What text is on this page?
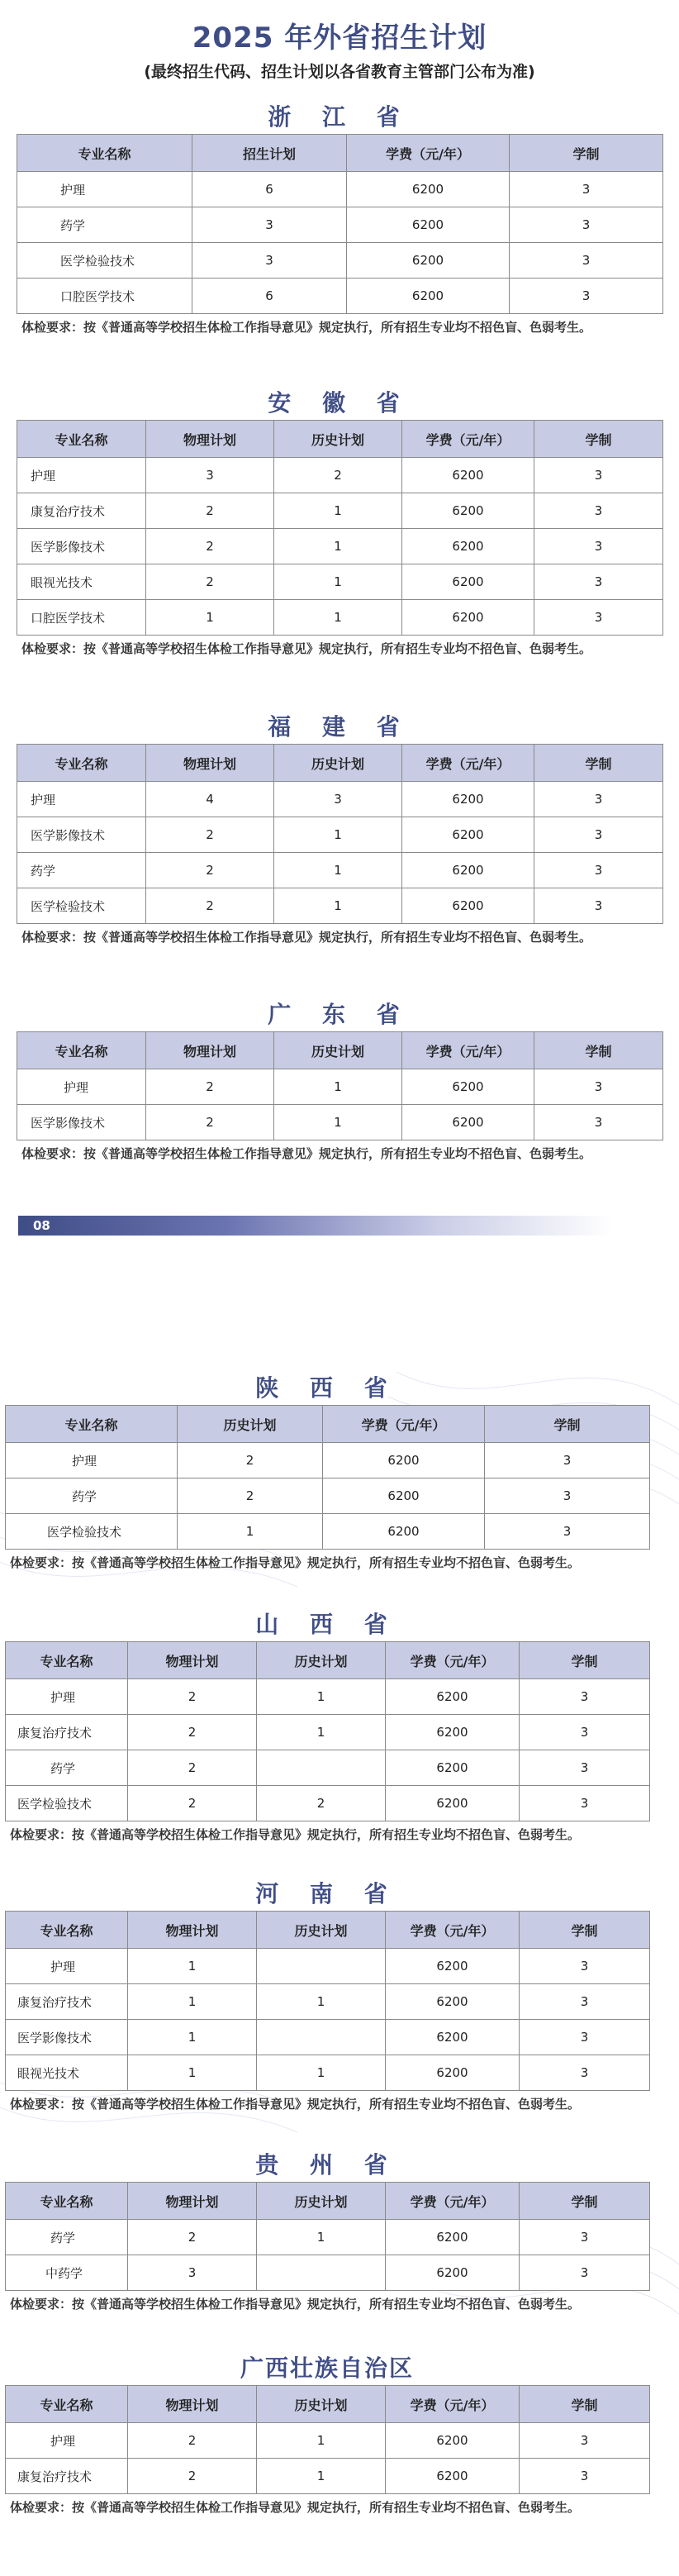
2025 年外省招生计划
(最终招生代码、招生计划以各省教育主管部门公布为准)
浙 江 省
专业名称	招生计划	学费（元/年）	学制
护理	6	6200	3
药学	3	6200	3
医学检验技术	3	6200	3
口腔医学技术	6	6200	3
体检要求：按《普通高等学校招生体检工作指导意见》规定执行，所有招生专业均不招色盲、色弱考生。
安 徽 省
专业名称	物理计划	历史计划	学费（元/年）	学制
护理	3	2	6200	3
康复治疗技术	2	1	6200	3
医学影像技术	2	1	6200	3
眼视光技术	2	1	6200	3
口腔医学技术	1	1	6200	3
体检要求：按《普通高等学校招生体检工作指导意见》规定执行，所有招生专业均不招色盲、色弱考生。
福 建 省
专业名称	物理计划	历史计划	学费（元/年）	学制
护理	4	3	6200	3
医学影像技术	2	1	6200	3
药学	2	1	6200	3
医学检验技术	2	1	6200	3
体检要求：按《普通高等学校招生体检工作指导意见》规定执行，所有招生专业均不招色盲、色弱考生。
广 东 省
专业名称	物理计划	历史计划	学费（元/年）	学制
护理	2	1	6200	3
医学影像技术	2	1	6200	3
体检要求：按《普通高等学校招生体检工作指导意见》规定执行，所有招生专业均不招色盲、色弱考生。
08
陕 西 省
专业名称	历史计划	学费（元/年）	学制
护理	2	6200	3
药学	2	6200	3
医学检验技术	1	6200	3
体检要求：按《普通高等学校招生体检工作指导意见》规定执行，所有招生专业均不招色盲、色弱考生。
山 西 省
专业名称	物理计划	历史计划	学费（元/年）	学制
护理	2	1	6200	3
康复治疗技术	2	1	6200	3
药学	2		6200	3
医学检验技术	2	2	6200	3
体检要求：按《普通高等学校招生体检工作指导意见》规定执行，所有招生专业均不招色盲、色弱考生。
河 南 省
专业名称	物理计划	历史计划	学费（元/年）	学制
护理	1		6200	3
康复治疗技术	1	1	6200	3
医学影像技术	1		6200	3
眼视光技术	1	1	6200	3
体检要求：按《普通高等学校招生体检工作指导意见》规定执行，所有招生专业均不招色盲、色弱考生。
贵 州 省
专业名称	物理计划	历史计划	学费（元/年）	学制
药学	2	1	6200	3
中药学	3		6200	3
体检要求：按《普通高等学校招生体检工作指导意见》规定执行，所有招生专业均不招色盲、色弱考生。
广西壮族自治区
专业名称	物理计划	历史计划	学费（元/年）	学制
护理	2	1	6200	3
康复治疗技术	2	1	6200	3
体检要求：按《普通高等学校招生体检工作指导意见》规定执行，所有招生专业均不招色盲、色弱考生。
